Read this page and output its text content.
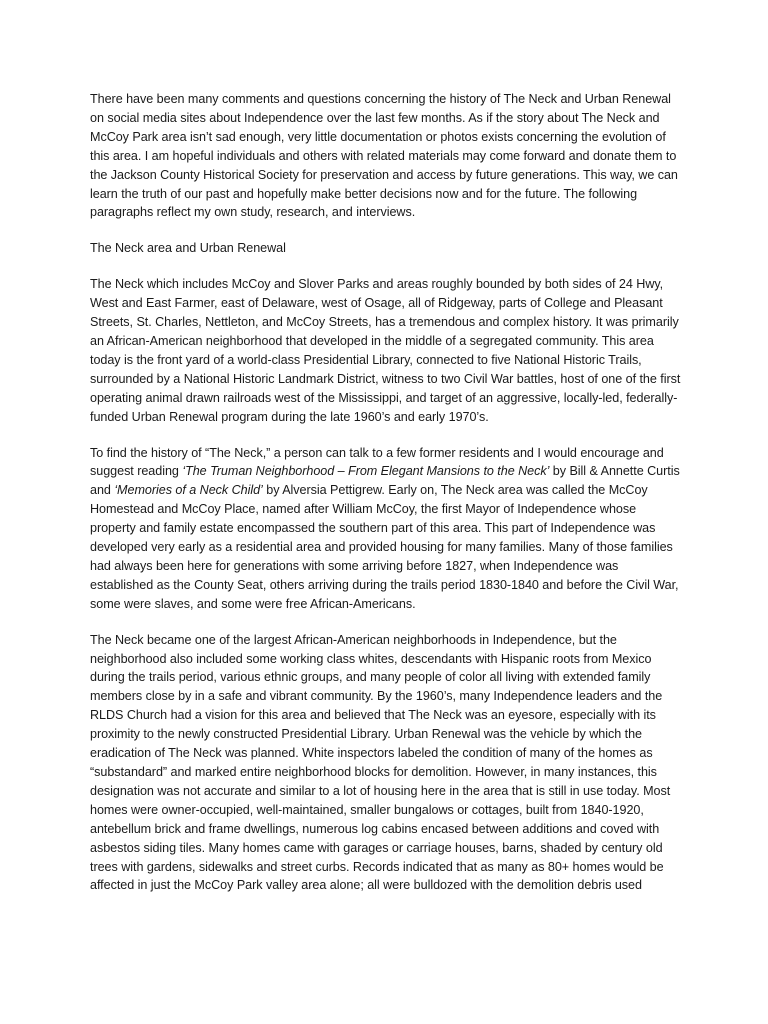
There have been many comments and questions concerning the history of The Neck and Urban Renewal on social media sites about Independence over the last few months. As if the story about The Neck and McCoy Park area isn’t sad enough, very little documentation or photos exists concerning the evolution of this area. I am hopeful individuals and others with related materials may come forward and donate them to the Jackson County Historical Society for preservation and access by future generations. This way, we can learn the truth of our past and hopefully make better decisions now and for the future. The following paragraphs reflect my own study, research, and interviews.

The Neck area and Urban Renewal

The Neck which includes McCoy and Slover Parks and areas roughly bounded by both sides of 24 Hwy, West and East Farmer, east of Delaware, west of Osage, all of Ridgeway, parts of College and Pleasant Streets, St. Charles, Nettleton, and McCoy Streets, has a tremendous and complex history. It was primarily an African-American neighborhood that developed in the middle of a segregated community. This area today is the front yard of a world-class Presidential Library, connected to five National Historic Trails, surrounded by a National Historic Landmark District, witness to two Civil War battles, host of one of the first operating animal drawn railroads west of the Mississippi, and target of an aggressive, locally-led, federally-funded Urban Renewal program during the late 1960’s and early 1970’s.

To find the history of “The Neck,” a person can talk to a few former residents and I would encourage and suggest reading ‘The Truman Neighborhood – From Elegant Mansions to the Neck’ by Bill & Annette Curtis and ‘Memories of a Neck Child’ by Alversia Pettigrew. Early on, The Neck area was called the McCoy Homestead and McCoy Place, named after William McCoy, the first Mayor of Independence whose property and family estate encompassed the southern part of this area. This part of Independence was developed very early as a residential area and provided housing for many families. Many of those families had always been here for generations with some arriving before 1827, when Independence was established as the County Seat, others arriving during the trails period 1830-1840 and before the Civil War, some were slaves, and some were free African-Americans.

The Neck became one of the largest African-American neighborhoods in Independence, but the neighborhood also included some working class whites, descendants with Hispanic roots from Mexico during the trails period, various ethnic groups, and many people of color all living with extended family members close by in a safe and vibrant community. By the 1960’s, many Independence leaders and the RLDS Church had a vision for this area and believed that The Neck was an eyesore, especially with its proximity to the newly constructed Presidential Library. Urban Renewal was the vehicle by which the eradication of The Neck was planned. White inspectors labeled the condition of many of the homes as “substandard” and marked entire neighborhood blocks for demolition. However, in many instances, this designation was not accurate and similar to a lot of housing here in the area that is still in use today. Most homes were owner-occupied, well-maintained, smaller bungalows or cottages, built from 1840-1920, antebellum brick and frame dwellings, numerous log cabins encased between additions and coved with asbestos siding tiles. Many homes came with garages or carriage houses, barns, shaded by century old trees with gardens, sidewalks and street curbs. Records indicated that as many as 80+ homes would be affected in just the McCoy Park valley area alone; all were bulldozed with the demolition debris used
